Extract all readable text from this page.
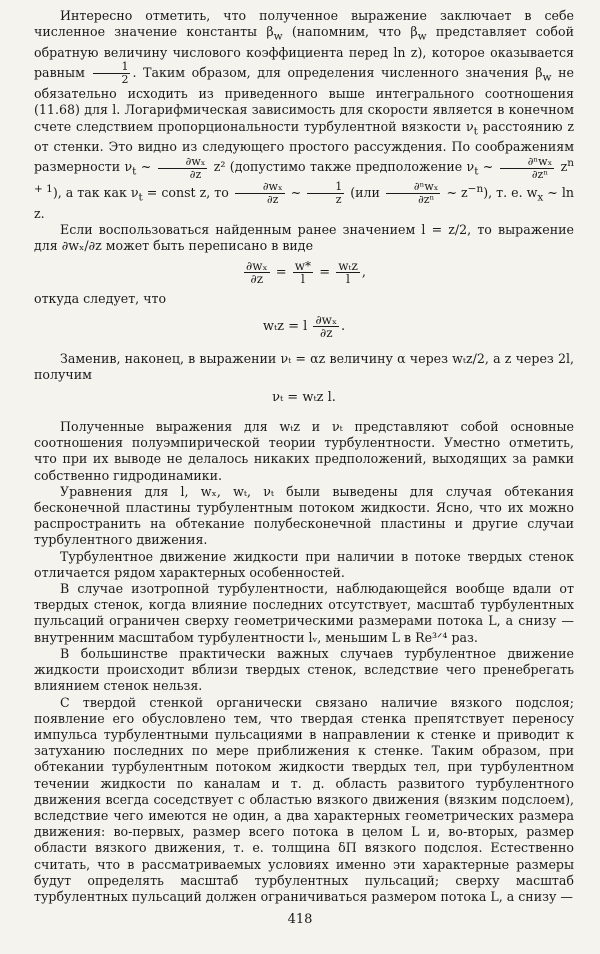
Интересно отметить, что полученное выражение заключает в себе численное значение константы $\beta_w$ (напомним, что $\beta_w$ представляет собой обратную величину числового коэффициента перед ln z), которое оказывается равным $\frac{1}{2}$ . Таким образом, для определения численного значения $\beta_w$ не обязательно исходить из приведенного выше интегрального соотношения (11.68) для l. Логарифмическая зависимость для скорости является в конечном счете следствием пропорциональности турбулентной вязкости $\nu_t$ расстоянию z от стенки. Это видно из следующего простого рассуждения. По соображениям размерности $\nu_t$ ~ $\frac{\text{∂wₓ}}{\partial z} z^2$ (допустимо также предположение $\nu_t$ ~ $\frac{\text{∂ⁿwₓ}}{\text{∂zⁿ}} z^{n + 1}$), а так как $\nu_t$ = const z, то $\frac{\text{∂wₓ}}{\partial z}$ ~ $\frac{1}{z} (или \frac{\text{∂ⁿwₓ}}{\text{∂zⁿ}}$ ~ $z^{-n}$), т. е. $w_x$ ~ ln z.

Если воспользоваться найденным ранее значением l = z/2, то выражение для ∂wₓ/∂z может быть переписано в виде

$\frac{\text{∂wₓ}}{\partial z} = \frac{w*}{l} = \frac{\text{wₜz}}{l}$ ,

откуда следует, что

wₜz = l $\frac{\text{∂wₓ}}{\partial z}$ .

Заменив, наконец, в выражении νₜ = αz величину α через wₜz/2, а z через 2l, получим

νₜ = wₜz l.

Полученные выражения для wₜz и νₜ представляют собой основные соотношения полуэмпирической теории турбулентности. Уместно отметить, что при их выводе не делалось никаких предположений, выходящих за рамки собственно гидродинамики.

Уравнения для l, wₓ, wₜ, νₜ были выведены для случая обтекания бесконечной пластины турбулентным потоком жидкости. Ясно, что их можно распространить на обтекание полубесконечной пластины и другие случаи турбулентного движения.

Турбулентное движение жидкости при наличии в потоке твердых стенок отличается рядом характерных особенностей.

В случае изотропной турбулентности, наблюдающейся вообще вдали от твердых стенок, когда влияние последних отсутствует, масштаб турбулентных пульсаций ограничен сверху геометрическими размерами потока L, а снизу — внутренним масштабом турбулентности lᵥ, меньшим L в Re³ᐟ⁴ раз.

В большинстве практически важных случаев турбулентное движение жидкости происходит вблизи твердых стенок, вследствие чего пренебрегать влиянием стенок нельзя.

С твердой стенкой органически связано наличие вязкого подслоя; появление его обусловлено тем, что твердая стенка препятствует переносу импульса турбулентными пульсациями в направлении к стенке и приводит к затуханию последних по мере приближения к стенке. Таким образом, при обтекании турбулентным потоком жидкости твердых тел, при турбулентном течении жидкости по каналам и т. д. область развитого турбулентного движения всегда соседствует с областью вязкого движения (вязким подслоем), вследствие чего имеются не один, а два характерных геометрических размера движения: во-первых, размер всего потока в целом L и, во-вторых, размер области вязкого движения, т. е. толщина δП вязкого подслоя. Естественно считать, что в рассматриваемых условиях именно эти характерные размеры будут определять масштаб турбулентных пульсаций; сверху масштаб турбулентных пульсаций должен ограничиваться размером потока L, а снизу —

418
